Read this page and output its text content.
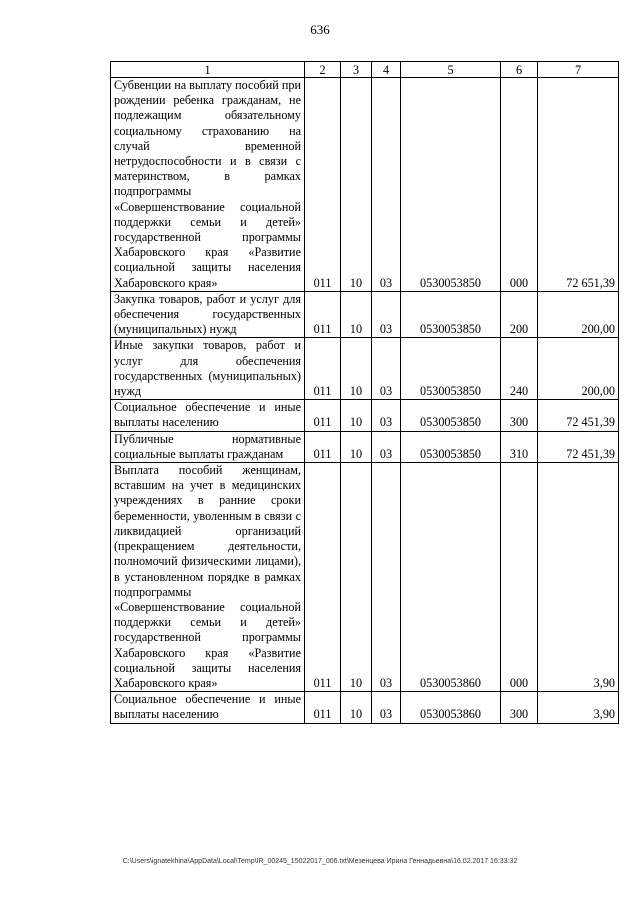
636
1	2	3	4	5	6	7
Субвенции на выплату пособий при рождении ребенка гражданам, не подлежащим обязательному социальному страхованию на случай временной нетрудоспособности и в связи с материнством, в рамках подпрограммы «Совершенствование социальной поддержки семьи и детей» государственной программы Хабаровского края «Развитие социальной защиты населения Хабаровского края»	011	10	03	0530053850	000	72 651,39
Закупка товаров, работ и услуг для обеспечения государственных (муниципальных) нужд	011	10	03	0530053850	200	200,00
Иные закупки товаров, работ и услуг для обеспечения государственных (муниципальных) нужд	011	10	03	0530053850	240	200,00
Социальное обеспечение и иные выплаты населению	011	10	03	0530053850	300	72 451,39
Публичные нормативные социальные выплаты гражданам	011	10	03	0530053850	310	72 451,39
Выплата пособий женщинам, вставшим на учет в медицинских учреждениях в ранние сроки беременности, уволенным в связи с ликвидацией организаций (прекращением деятельности, полномочий физическими лицами), в установленном порядке в рамках подпрограммы «Совершенствование социальной поддержки семьи и детей» государственной программы Хабаровского края «Развитие социальной защиты населения Хабаровского края»	011	10	03	0530053860	000	3,90
Социальное обеспечение и иные выплаты населению	011	10	03	0530053860	300	3,90
C:\Users\ignatekhina\AppData\Local\Temp\IR_00245_15022017_006.txt\Мезенцева Ирина Геннадьевна\16.02.2017 16:33:32
